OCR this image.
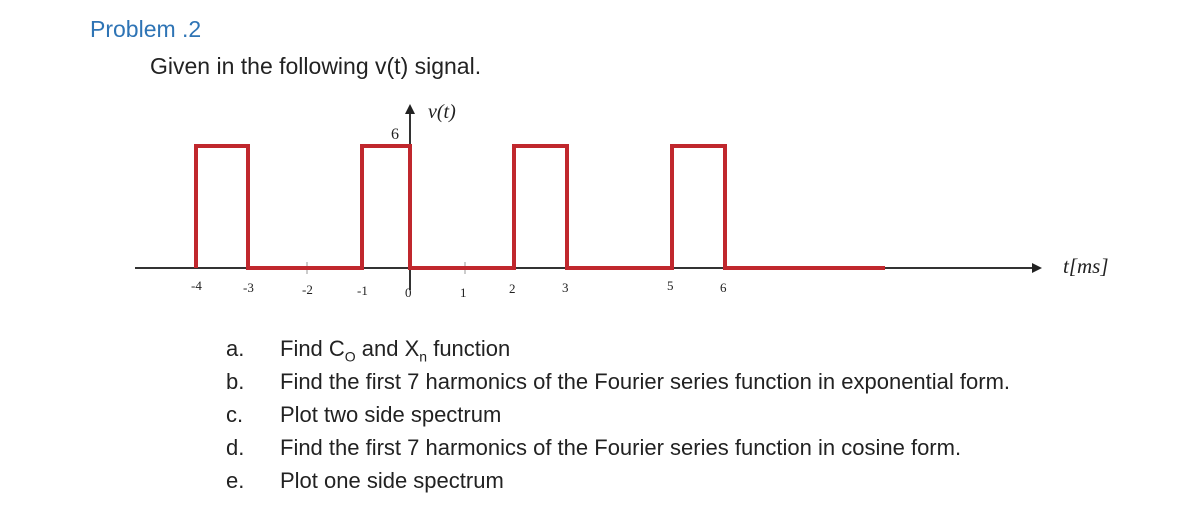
Problem .2

Given in the following v(t) signal.

v(t)
6
t[ms]
-4	-3	-2	-1	0	1	2	3	5	6
a. Find $C_O$ and $X_n$ function
b. Find the first 7 harmonics of the Fourier series function in exponential form.
c. Plot two side spectrum
d. Find the first 7 harmonics of the Fourier series function in cosine form.
e. Plot one side spectrum
